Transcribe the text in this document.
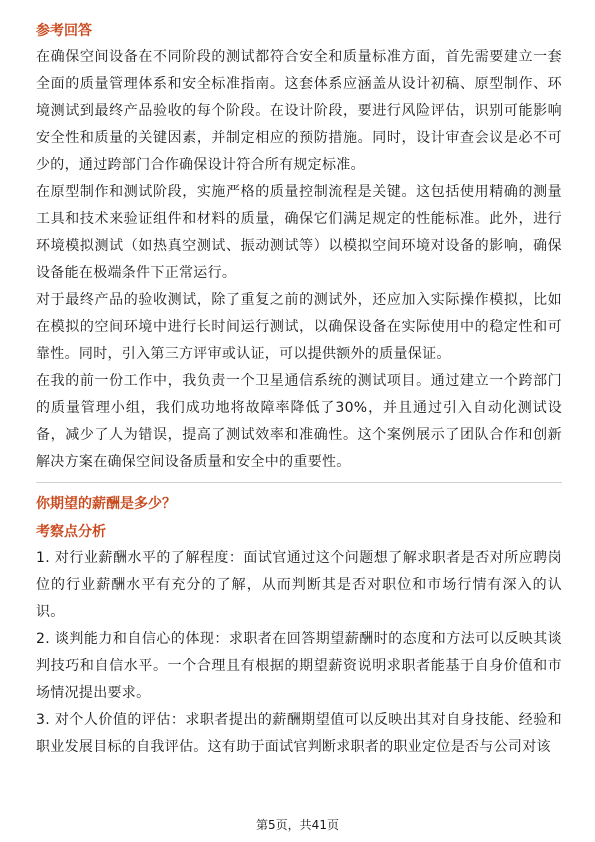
参考回答

在确保空间设备在不同阶段的测试都符合安全和质量标准方面，首先需要建立一套全面的质量管理体系和安全标准指南。这套体系应涵盖从设计初稿、原型制作、环境测试到最终产品验收的每个阶段。在设计阶段，要进行风险评估，识别可能影响安全性和质量的关键因素，并制定相应的预防措施。同时，设计审查会议是必不可少的，通过跨部门合作确保设计符合所有规定标准。

在原型制作和测试阶段，实施严格的质量控制流程是关键。这包括使用精确的测量工具和技术来验证组件和材料的质量，确保它们满足规定的性能标准。此外，进行环境模拟测试（如热真空测试、振动测试等）以模拟空间环境对设备的影响，确保设备能在极端条件下正常运行。

对于最终产品的验收测试，除了重复之前的测试外，还应加入实际操作模拟，比如在模拟的空间环境中进行长时间运行测试，以确保设备在实际使用中的稳定性和可靠性。同时，引入第三方评审或认证，可以提供额外的质量保证。

在我的前一份工作中，我负责一个卫星通信系统的测试项目。通过建立一个跨部门的质量管理小组，我们成功地将故障率降低了30%，并且通过引入自动化测试设备，减少了人为错误，提高了测试效率和准确性。这个案例展示了团队合作和创新解决方案在确保空间设备质量和安全中的重要性。

你期望的薪酬是多少？
考察点分析

1. 对行业薪酬水平的了解程度：面试官通过这个问题想了解求职者是否对所应聘岗位的行业薪酬水平有充分的了解，从而判断其是否对职位和市场行情有深入的认识。

2. 谈判能力和自信心的体现：求职者在回答期望薪酬时的态度和方法可以反映其谈判技巧和自信水平。一个合理且有根据的期望薪资说明求职者能基于自身价值和市场情况提出要求。

3. 对个人价值的评估：求职者提出的薪酬期望值可以反映出其对自身技能、经验和职业发展目标的自我评估。这有助于面试官判断求职者的职业定位是否与公司对该

第5页，共41页
